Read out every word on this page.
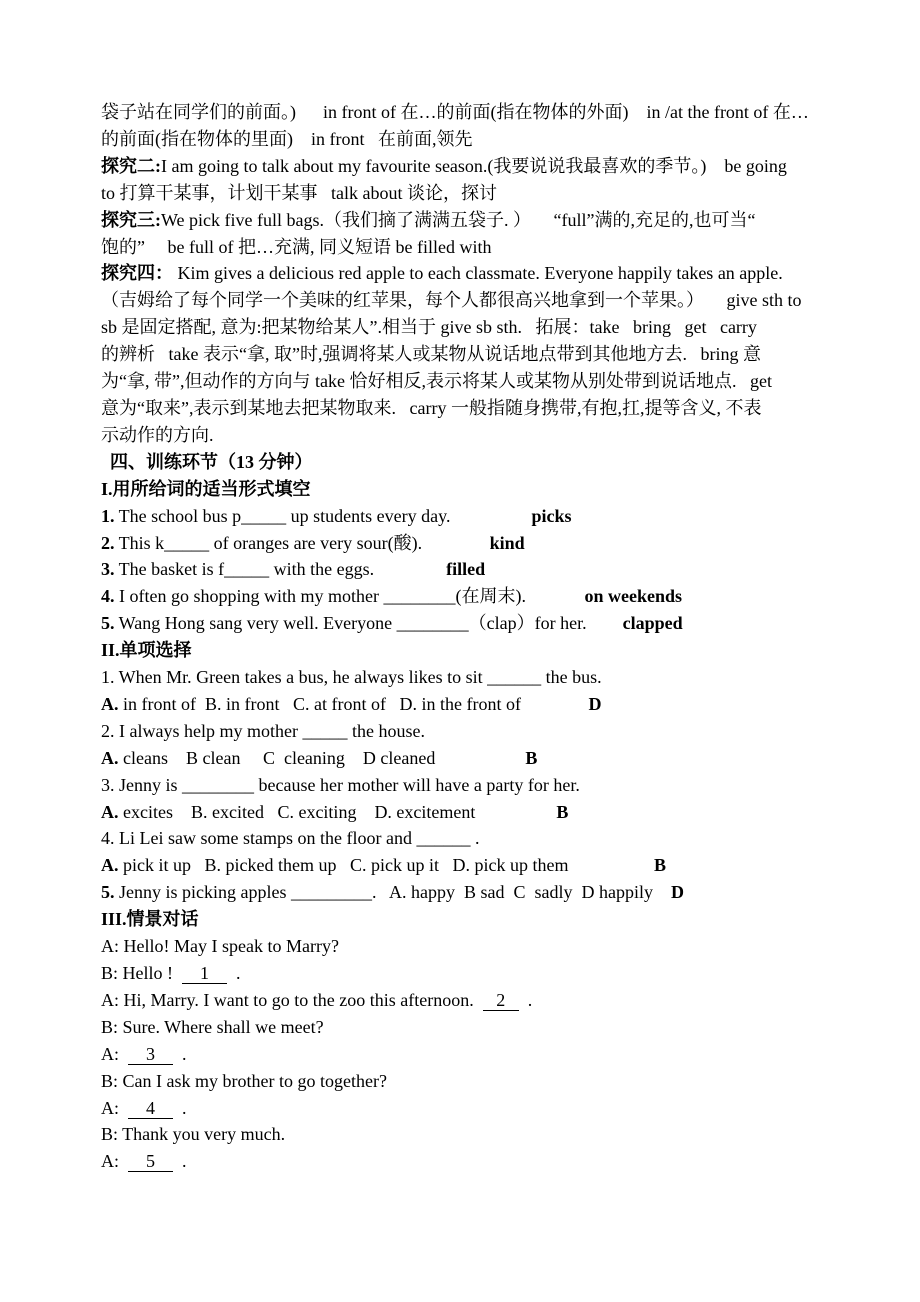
袋子站在同学们的前面。)      in front of 在…的前面(指在物体的外面)    in /at the front of 在…
的前面(指在物体的里面)    in front   在前面,领先
探究二:I am going to talk about my favourite season.(我要说说我最喜欢的季节。)    be going
to 打算干某事，计划干某事   talk about 谈论，探讨
探究三:We pick five full bags.（我们摘了满满五袋子. ）     “full”满的,充足的,也可当“
饱的”     be full of 把…充满, 同义短语 be filled with
探究四： Kim gives a delicious red apple to each classmate. Everyone happily takes an apple.
（吉姆给了每个同学一个美味的红苹果，每个人都很高兴地拿到一个苹果。）     give sth to
sb 是固定搭配, 意为:把某物给某人”.相当于 give sb sth.   拓展：take   bring   get   carry
的辨析   take 表示“拿, 取”时,强调将某人或某物从说话地点带到其他地方去.   bring 意
为“拿, 带”,但动作的方向与 take 恰好相反,表示将某人或某物从别处带到说话地点.   get
意为“取来”,表示到某地去把某物取来.   carry 一般指随身携带,有抱,扛,提等含义, 不表
示动作的方向.
四、训练环节（13 分钟）
I.用所给词的适当形式填空
1. The school bus p_____ up students every day.                  picks
2. This k_____ of oranges are very sour(酸).               kind
3. The basket is f_____ with the eggs.                filled
4. I often go shopping with my mother ________(在周末).             on weekends
5. Wang Hong sang very well. Everyone ________（clap）for her.        clapped
II.单项选择
1. When Mr. Green takes a bus, he always likes to sit ______ the bus.
A. in front of  B. in front   C. at front of   D. in the front of               D
2. I always help my mother _____ the house.
A. cleans    B clean     C  cleaning    D cleaned                    B
3. Jenny is ________ because her mother will have a party for her.
A. excites    B. excited   C. exciting    D. excitement                  B
4. Li Lei saw some stamps on the floor and ______ .
A. pick it up   B. picked them up   C. pick up it   D. pick up them                   B
5. Jenny is picking apples _________.   A. happy  B sad  C  sadly  D happily    D
III.情景对话
A: Hello! May I speak to Marry?
B: Hello !      1      .
A: Hi, Marry. I want to go to the zoo this afternoon.     2     .
B: Sure. Where shall we meet?
A:      3      .
B: Can I ask my brother to go together?
A:      4      .
B: Thank you very much.
A:      5      .
